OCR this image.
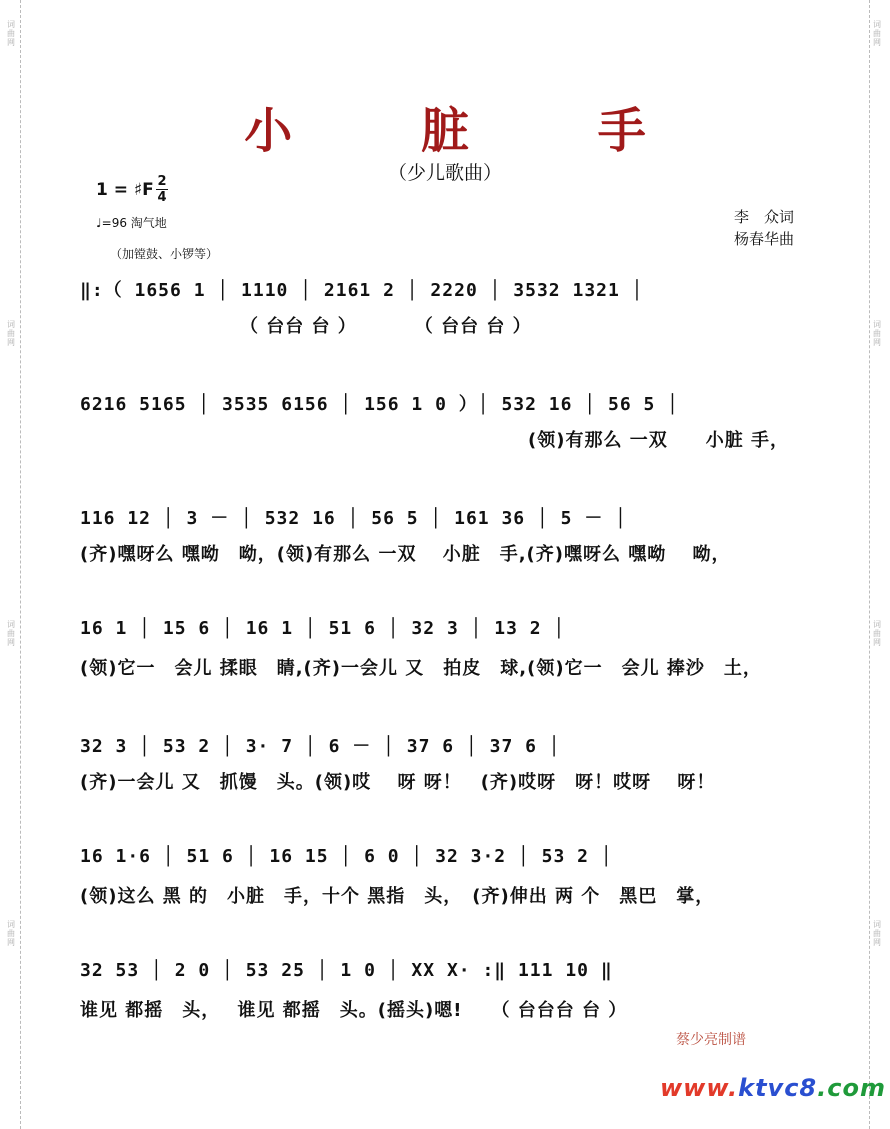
词曲网
词曲网
词曲网
词曲网
词曲网
词曲网
词曲网
词曲网
小 脏 手
（少儿歌曲）
1 = ♯F 2
4
♩=96 淘气地
（加镗鼓、小锣等）
李　众词
杨春华曲
‖:（ 1656 1 │ 1110 │ 2161 2 │ 2220 │ 3532 1321 │
（ 台台 台 ）　　　　（ 台台 台 ）
6216 5165 │ 3535 6156 │ 156 1 0 ）│ 532 16 │ 56 5 │
(领)有那么 一双　　小脏 手，
116 12 │ 3 － │ 532 16 │ 56 5 │ 161 36 │ 5 － │
(齐)嘿呀么 嘿呦　呦，(领)有那么 一双　 小脏　手,(齐)嘿呀么 嘿呦　 呦，
16 1 │ 15 6 │ 16 1 │ 51 6 │ 32 3 │ 13 2 │
(领)它一　会儿 揉眼　睛,(齐)一会儿 又　拍皮　球,(领)它一　会儿 捧沙　土，
32 3 │ 53 2 │ 3· 7 │ 6 － │ 37 6 │ 37 6 │
(齐)一会儿 又　抓馒　头。(领)哎　 呀 呀！　(齐)哎呀　呀！哎呀　 呀！
16 1·6 │ 51 6 │ 16 15 │ 6 0 │ 32 3·2 │ 53 2 │
(领)这么 黑 的　小脏　手，十个 黑指　头，　(齐)伸出 两 个　黑巴　掌，
32 53 │ 2 0 │ 53 25 │ 1 0 │ XX X· :‖ 111 10 ‖
谁见 都摇　头，　 谁见 都摇　头。(摇头)嗯!　　（ 台台台 台 ）
蔡少亮制谱
www.ktvc8.com
